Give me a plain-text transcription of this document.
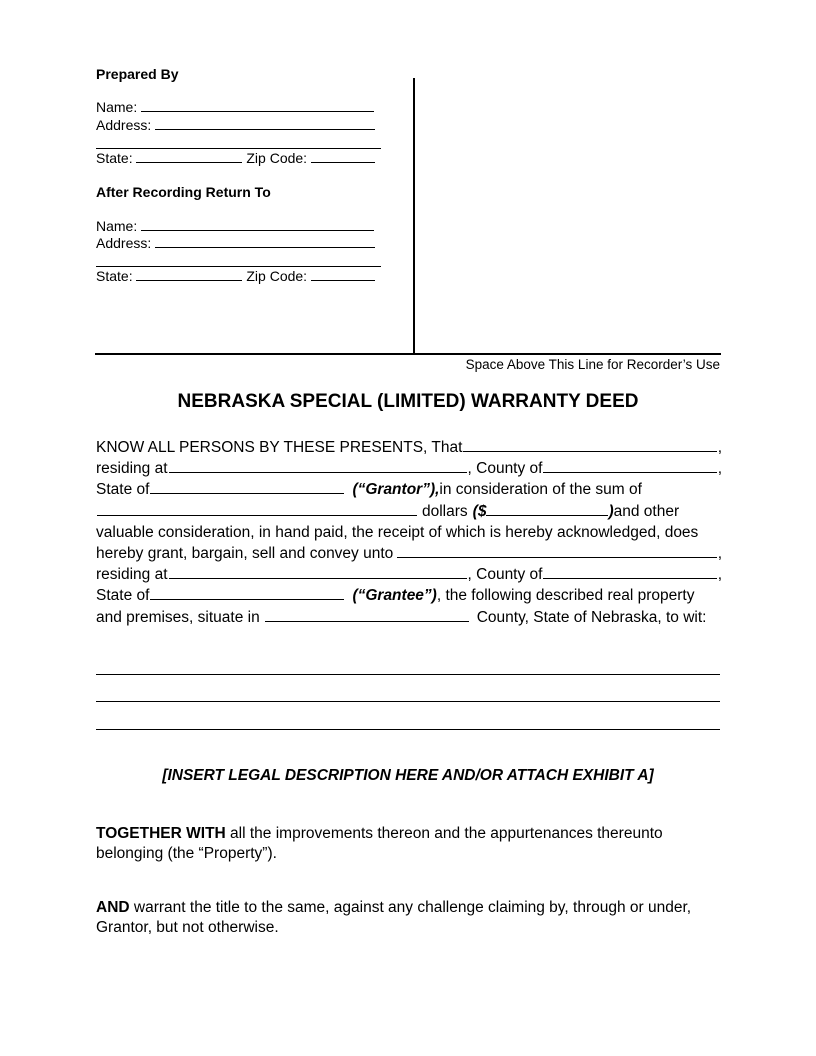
Prepared By
Name:
Address:
State:	Zip Code:
After Recording Return To
Name:
Address:
State:	Zip Code:
Space Above This Line for Recorder’s Use
NEBRASKA SPECIAL (LIMITED) WARRANTY DEED
KNOW ALL PERSONS BY THESE PRESENTS, That	,
residing at	, County of	,
State of	(“Grantor”), in consideration of the sum of
dollars ($	) and other
valuable consideration, in hand paid, the receipt of which is hereby acknowledged, does
hereby grant, bargain, sell and convey unto	,
residing at	, County of	,
State of	(“Grantee”) , the following described real property
and premises, situate in	County, State of Nebraska, to wit:
[INSERT LEGAL DESCRIPTION HERE AND/OR ATTACH EXHIBIT A]
TOGETHER WITH all the improvements thereon and the appurtenances thereunto
belonging (the “Property”).
AND warrant the title to the same, against any challenge claiming by, through or under,
Grantor, but not otherwise.
